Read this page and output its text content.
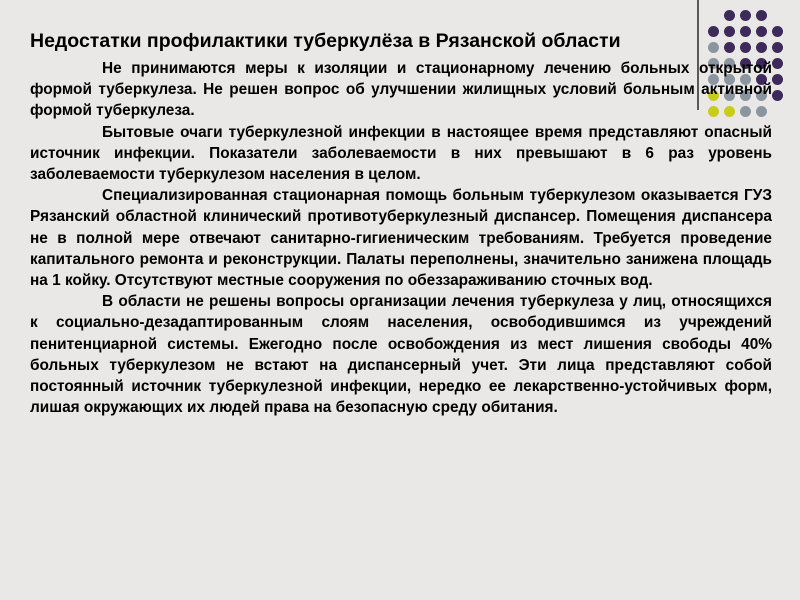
Недостатки профилактики туберкулёза в Рязанской области

Не принимаются меры к изоляции и стационарному лечению больных открытой формой туберкулеза. Не решен вопрос об улучшении жилищных условий больным активной формой туберкулеза.

Бытовые очаги туберкулезной инфекции в настоящее время представляют опасный источник инфекции. Показатели заболеваемости в них превышают в 6 раз уровень заболеваемости туберкулезом населения в целом.

Специализированная стационарная помощь больным туберкулезом оказывается ГУЗ Рязанский областной клинический противотуберкулезный диспансер. Помещения диспансера не в полной мере отвечают санитарно-гигиеническим требованиям. Требуется проведение капитального ремонта и реконструкции. Палаты переполнены, значительно занижена площадь на 1 койку. Отсутствуют местные сооружения по обеззараживанию сточных вод.

В области не решены вопросы организации лечения туберкулеза у лиц, относящихся к социально-дезадаптированным слоям населения, освободившимся из учреждений пенитенциарной системы. Ежегодно после освобождения из мест лишения свободы 40% больных туберкулезом не встают на диспансерный учет. Эти лица представляют собой постоянный источник туберкулезной инфекции, нередко ее лекарственно-устойчивых форм, лишая окружающих их людей права на безопасную среду обитания.
